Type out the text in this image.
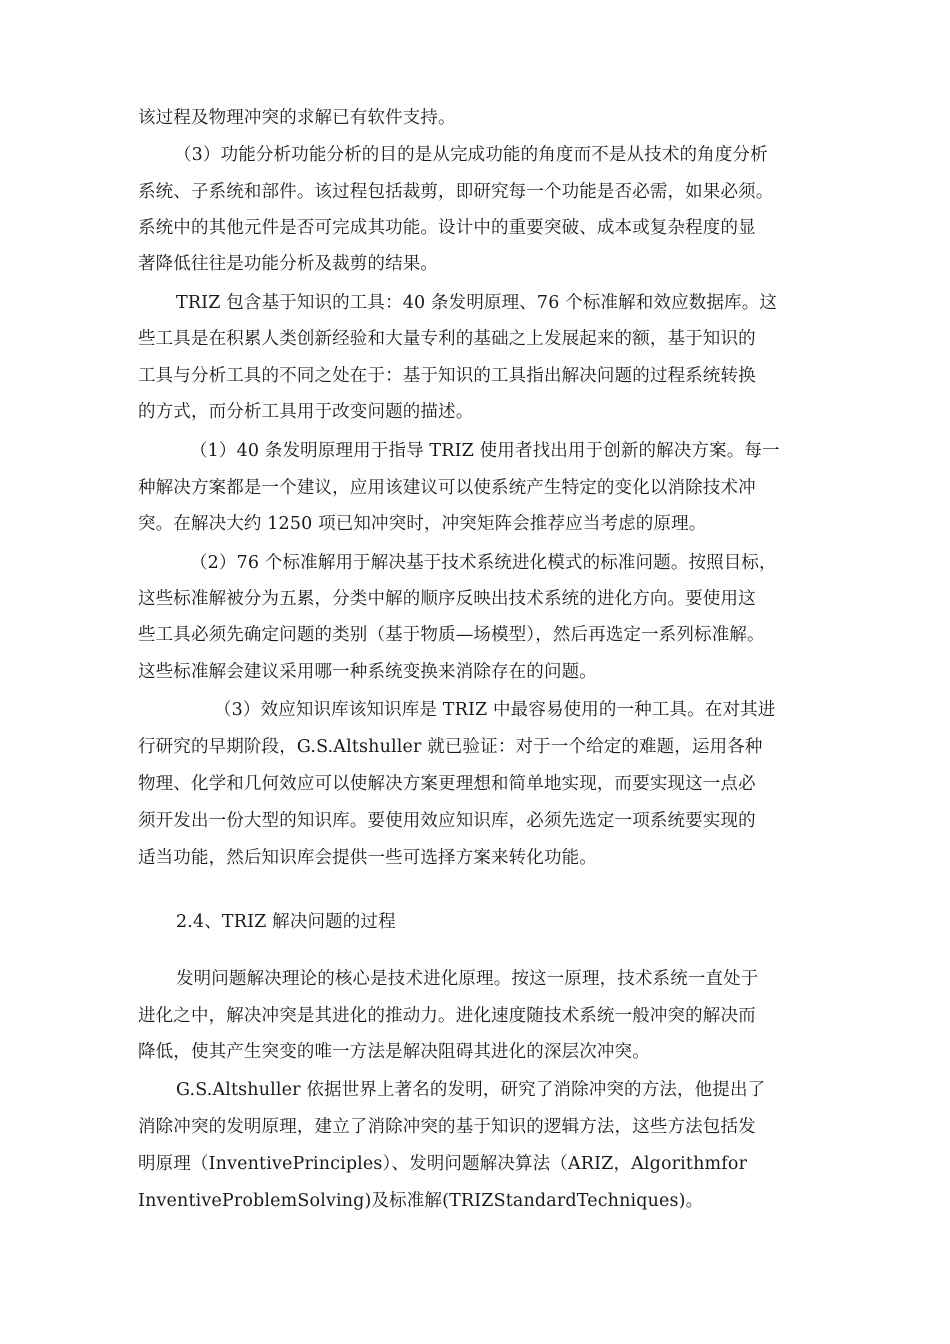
该过程及物理冲突的求解已有软件支持。
（3）功能分析功能分析的目的是从完成功能的角度而不是从技术的角度分析
系统、子系统和部件。该过程包括裁剪，即研究每一个功能是否必需，如果必须。
系统中的其他元件是否可完成其功能。设计中的重要突破、成本或复杂程度的显
著降低往往是功能分析及裁剪的结果。
TRIZ 包含基于知识的工具：40 条发明原理、76 个标准解和效应数据库。这
些工具是在积累人类创新经验和大量专利的基础之上发展起来的额，基于知识的
工具与分析工具的不同之处在于：基于知识的工具指出解决问题的过程系统转换
的方式，而分析工具用于改变问题的描述。
（1）40 条发明原理用于指导 TRIZ 使用者找出用于创新的解决方案。每一
种解决方案都是一个建议，应用该建议可以使系统产生特定的变化以消除技术冲
突。在解决大约 1250 项已知冲突时，冲突矩阵会推荐应当考虑的原理。
（2）76 个标准解用于解决基于技术系统进化模式的标准问题。按照目标，
这些标准解被分为五累，分类中解的顺序反映出技术系统的进化方向。要使用这
些工具必须先确定问题的类别（基于物质—场模型），然后再选定一系列标准解。
这些标准解会建议采用哪一种系统变换来消除存在的问题。
（3）效应知识库该知识库是 TRIZ 中最容易使用的一种工具。在对其进
行研究的早期阶段，G.S.Altshuller 就已验证：对于一个给定的难题，运用各种
物理、化学和几何效应可以使解决方案更理想和简单地实现，而要实现这一点必
须开发出一份大型的知识库。要使用效应知识库，必须先选定一项系统要实现的
适当功能，然后知识库会提供一些可选择方案来转化功能。
2.4、TRIZ 解决问题的过程
发明问题解决理论的核心是技术进化原理。按这一原理，技术系统一直处于
进化之中，解决冲突是其进化的推动力。进化速度随技术系统一般冲突的解决而
降低，使其产生突变的唯一方法是解决阻碍其进化的深层次冲突。
G.S.Altshuller 依据世界上著名的发明，研究了消除冲突的方法，他提出了
消除冲突的发明原理，建立了消除冲突的基于知识的逻辑方法，这些方法包括发
明原理（InventivePrinciples）、发明问题解决算法（ARIZ，Algorithmfor
InventiveProblemSolving)及标准解(TRIZStandardTechniques)。
